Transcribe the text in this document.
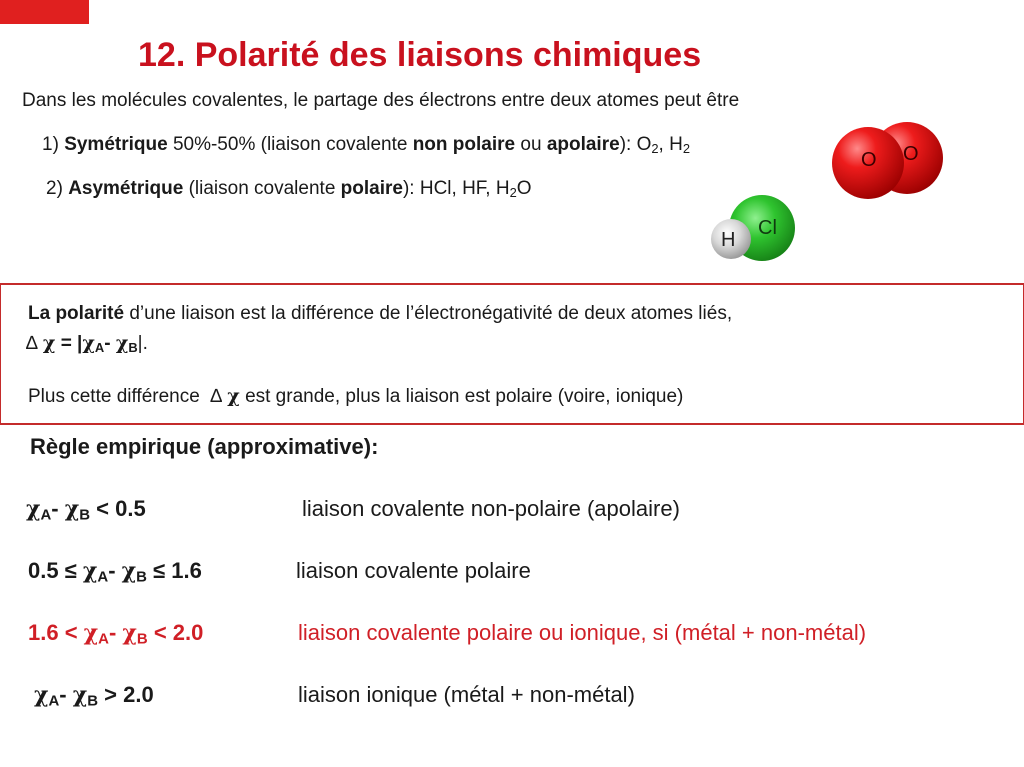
12. Polarité des liaisons chimiques
Dans les molécules covalentes, le partage des électrons entre deux atomes peut être
1) Symétrique 50%-50% (liaison covalente non polaire ou apolaire): $O_2$, $H_2$
2) Asymétrique (liaison covalente polaire): HCl, HF, $H_2O$
O O
Cl
H
La polarité d’une liaison est la différence de l’électronégativité de deux atomes liés,
∆ $\chi = |\chi_A-$ $\chi_B|$.
Plus cette différence ∆ χ est grande, plus la liaison est polaire (voire, ionique)
Règle empirique (approximative):
$\chi_A-$ $\chi_B < 0.5$	liaison covalente non-polaire (apolaire)
$0.5 \le \chi_A-$ $\chi_B \le 1.6$	liaison covalente polaire
$1.6 < \chi_A-$ $\chi_B < 2.0$	liaison covalente polaire ou ionique, si (métal + non-métal)
$\chi_A-$ $\chi_B > 2.0$	liaison ionique (métal + non-métal)
